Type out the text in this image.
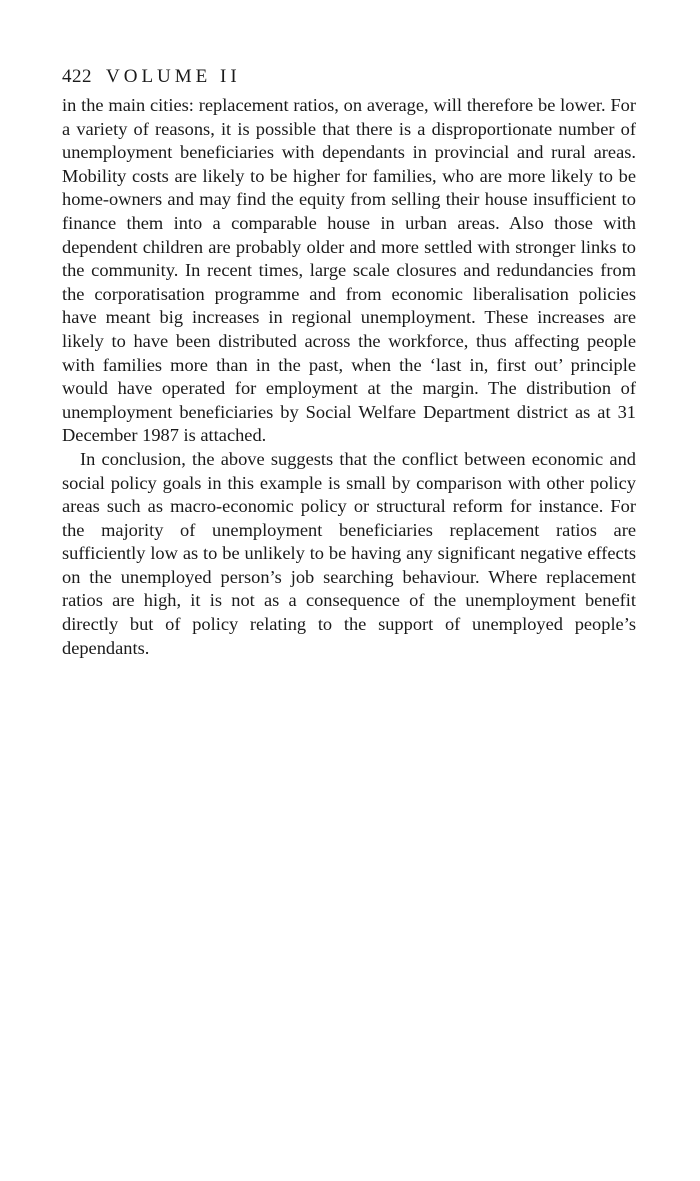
422 VOLUME II

in the main cities: replacement ratios, on average, will therefore be lower. For a variety of reasons, it is possible that there is a disproportionate number of unemployment beneficiaries with dependants in provincial and rural areas. Mobility costs are likely to be higher for families, who are more likely to be home-owners and may find the equity from selling their house insufficient to finance them into a comparable house in urban areas. Also those with dependent children are probably older and more settled with stronger links to the community. In recent times, large scale closures and redundancies from the corporatisation programme and from economic liberalisation policies have meant big increases in regional unemployment. These increases are likely to have been distributed across the workforce, thus affecting people with families more than in the past, when the ‘last in, first out’ principle would have operated for employment at the margin. The distribution of unemployment beneficiaries by Social Welfare Department district as at 31 December 1987 is attached.

In conclusion, the above suggests that the conflict between economic and social policy goals in this example is small by comparison with other policy areas such as macro-economic policy or structural reform for instance. For the majority of unemployment beneficiaries replacement ratios are sufficiently low as to be unlikely to be having any significant negative effects on the unemployed person’s job searching behaviour. Where replacement ratios are high, it is not as a consequence of the unemployment benefit directly but of policy relating to the support of unemployed people’s dependants.
